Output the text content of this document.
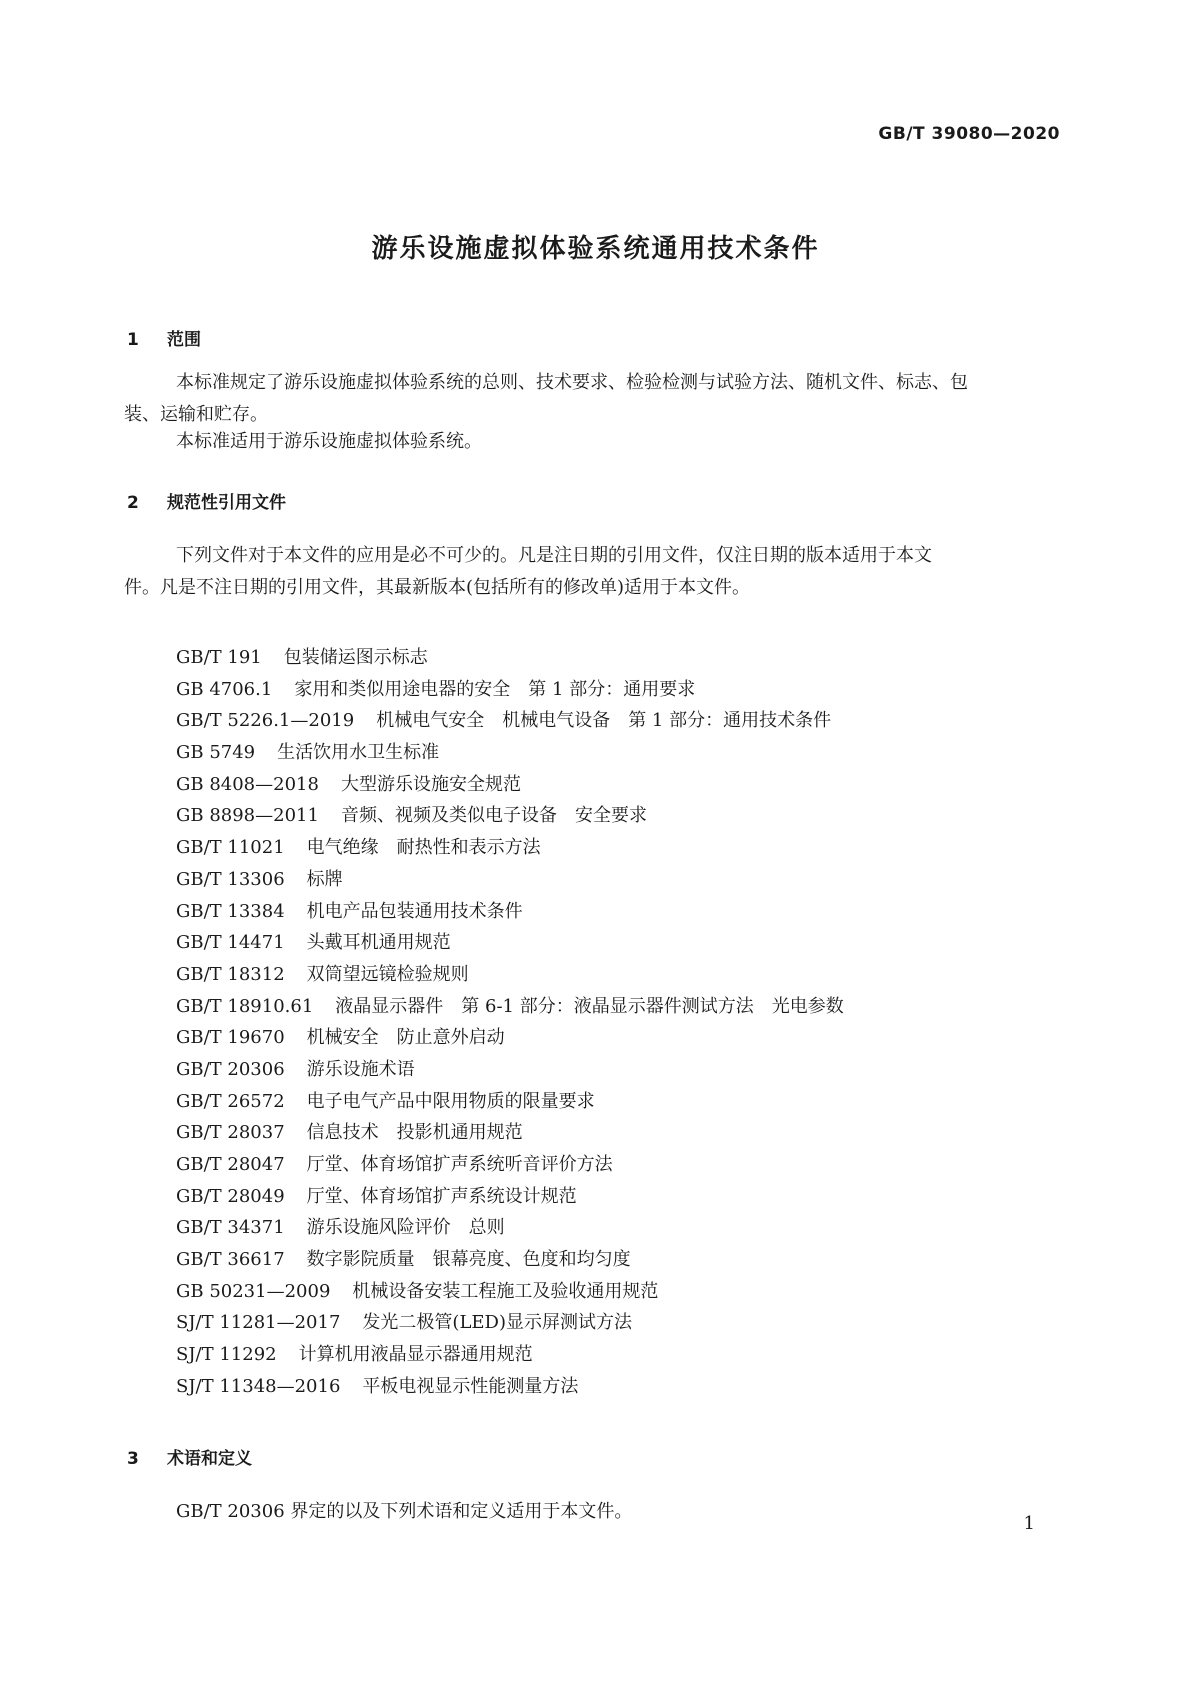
GB/T 39080—2020
游乐设施虚拟体验系统通用技术条件
1 范围
本标准规定了游乐设施虚拟体验系统的总则、技术要求、检验检测与试验方法、随机文件、标志、包
装、运输和贮存。
本标准适用于游乐设施虚拟体验系统。
2 规范性引用文件
下列文件对于本文件的应用是必不可少的。凡是注日期的引用文件，仅注日期的版本适用于本文
件。凡是不注日期的引用文件，其最新版本(包括所有的修改单)适用于本文件。
GB/T 191 包装储运图示标志
GB 4706.1 家用和类似用途电器的安全　第 1 部分：通用要求
GB/T 5226.1—2019 机械电气安全　机械电气设备　第 1 部分：通用技术条件
GB 5749 生活饮用水卫生标准
GB 8408—2018 大型游乐设施安全规范
GB 8898—2011 音频、视频及类似电子设备　安全要求
GB/T 11021 电气绝缘　耐热性和表示方法
GB/T 13306 标牌
GB/T 13384 机电产品包装通用技术条件
GB/T 14471 头戴耳机通用规范
GB/T 18312 双筒望远镜检验规则
GB/T 18910.61 液晶显示器件　第 6-1 部分：液晶显示器件测试方法　光电参数
GB/T 19670 机械安全　防止意外启动
GB/T 20306 游乐设施术语
GB/T 26572 电子电气产品中限用物质的限量要求
GB/T 28037 信息技术　投影机通用规范
GB/T 28047 厅堂、体育场馆扩声系统听音评价方法
GB/T 28049 厅堂、体育场馆扩声系统设计规范
GB/T 34371 游乐设施风险评价　总则
GB/T 36617 数字影院质量　银幕亮度、色度和均匀度
GB 50231—2009 机械设备安装工程施工及验收通用规范
SJ/T 11281—2017 发光二极管(LED)显示屏测试方法
SJ/T 11292 计算机用液晶显示器通用规范
SJ/T 11348—2016 平板电视显示性能测量方法
3 术语和定义
GB/T 20306 界定的以及下列术语和定义适用于本文件。
1
